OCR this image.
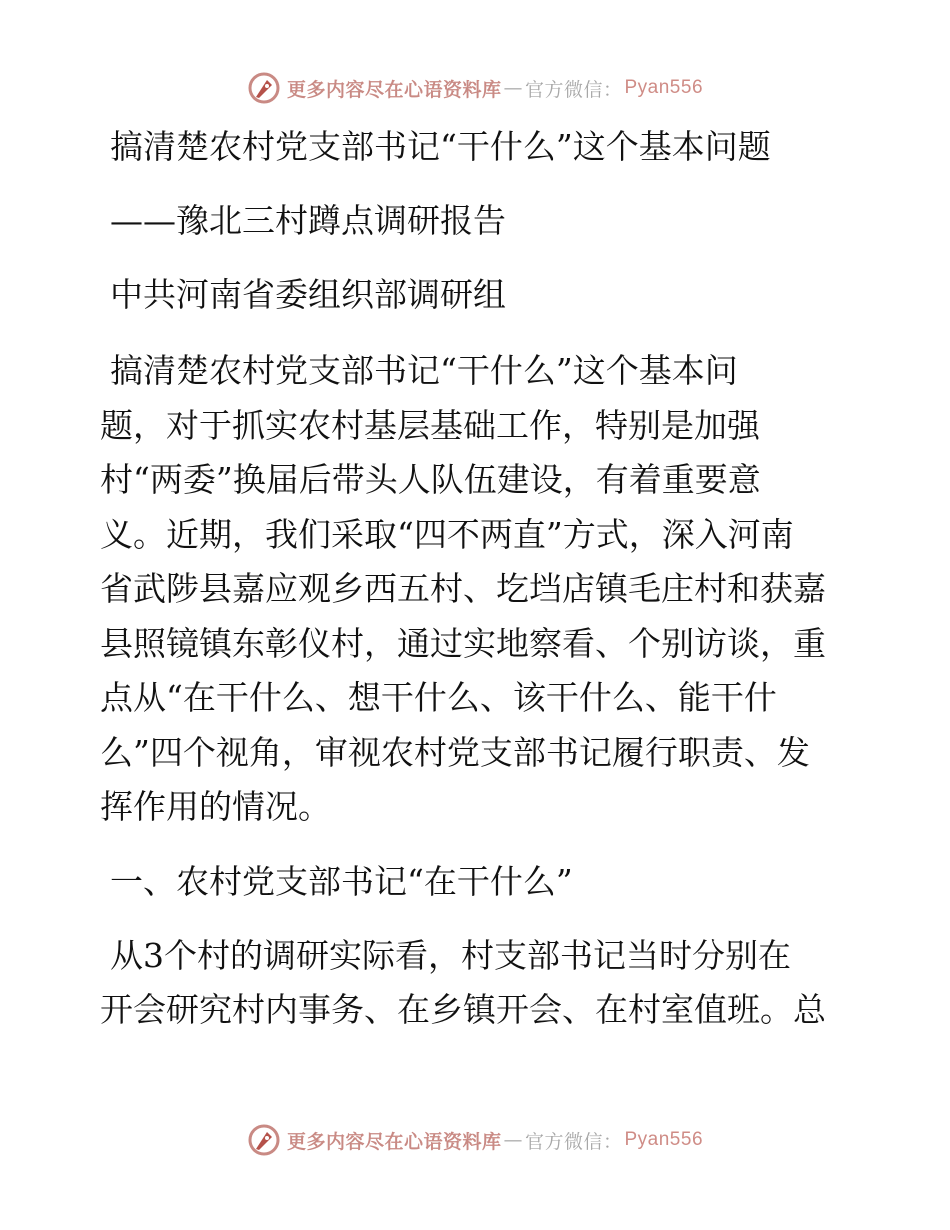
更多内容尽在心语资料库 — 官方微信： Pyan556
搞清楚农村党支部书记“干什么”这个基本问题
——豫北三村蹲点调研报告
中共河南省委组织部调研组

搞清楚农村党支部书记“干什么”这个基本问
题，对于抓实农村基层基础工作，特别是加强
村“两委”换届后带头人队伍建设，有着重要意
义。近期，我们采取“四不两直”方式，深入河南
省武陟县嘉应观乡西五村、圪垱店镇毛庄村和获嘉
县照镜镇东彰仪村，通过实地察看、个别访谈，重
点从“在干什么、想干什么、该干什么、能干什
么”四个视角，审视农村党支部书记履行职责、发
挥作用的情况。

一、农村党支部书记“在干什么”

从3个村的调研实际看，村支部书记当时分别在
开会研究村内事务、在乡镇开会、在村室值班。总

更多内容尽在心语资料库 — 官方微信： Pyan556
